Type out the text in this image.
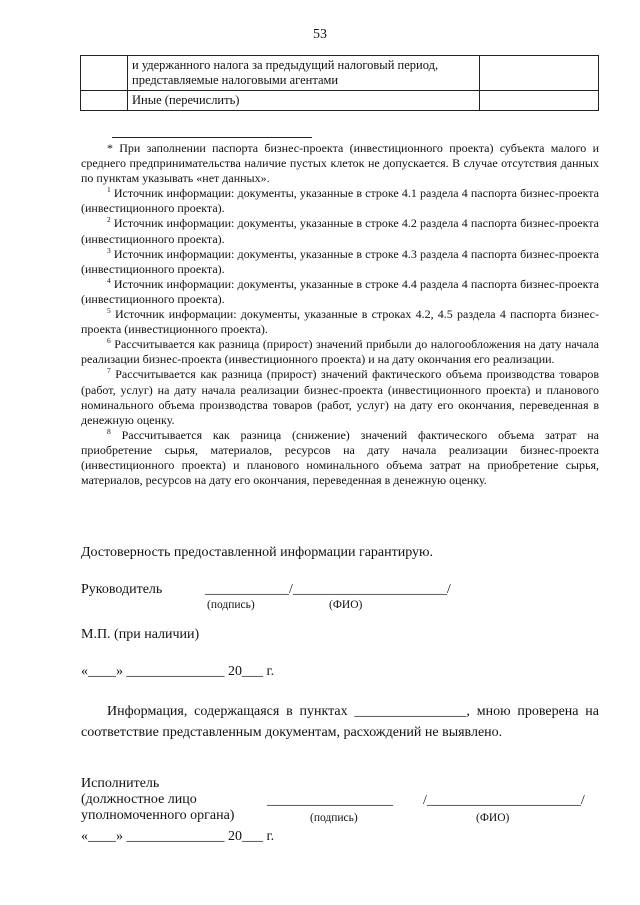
53
	и удержанного налога за предыдущий налоговый период, представляемые налоговыми агентами	
	Иные (перечислить)	

* При заполнении паспорта бизнес-проекта (инвестиционного проекта) субъекта малого и среднего предпринимательства наличие пустых клеток не допускается. В случае отсутствия данных по пунктам указывать «нет данных».

$^1$ Источник информации: документы, указанные в строке 4.1 раздела 4 паспорта бизнес-проекта (инвестиционного проекта).

$^2$ Источник информации: документы, указанные в строке 4.2 раздела 4 паспорта бизнес-проекта (инвестиционного проекта).

$^3$ Источник информации: документы, указанные в строке 4.3 раздела 4 паспорта бизнес-проекта (инвестиционного проекта).

$^4$ Источник информации: документы, указанные в строке 4.4 раздела 4 паспорта бизнес-проекта (инвестиционного проекта).

$^5$ Источник информации: документы, указанные в строках 4.2, 4.5 раздела 4 паспорта бизнес-проекта (инвестиционного проекта).

$^6$ Рассчитывается как разница (прирост) значений прибыли до налогообложения на дату начала реализации бизнес-проекта (инвестиционного проекта) и на дату окончания его реализации.

$^7$ Рассчитывается как разница (прирост) значений фактического объема производства товаров (работ, услуг) на дату начала реализации бизнес-проекта (инвестиционного проекта) и планового номинального объема производства товаров (работ, услуг) на дату его окончания, переведенная в денежную оценку.

$^8$ Рассчитывается как разница (снижение) значений фактического объема затрат на приобретение сырья, материалов, ресурсов на дату начала реализации бизнес-проекта (инвестиционного проекта) и планового номинального объема затрат на приобретение сырья, материалов, ресурсов на дату его окончания, переведенная в денежную оценку.

Достоверность предоставленной информации гарантирую.
Руководитель	____________/______________________/
(подпись)	(ФИО)
М.П. (при наличии)
«____» ______________ 20___ г.

Информация, содержащаяся в пунктах ________________, мною проверена на соответствие представленным документам, расхождений не выявлено.

Исполнитель
(должностное лицо
уполномоченного органа)
__________________ /______________________/
(подпись)	(ФИО)
«____» ______________ 20___ г.
